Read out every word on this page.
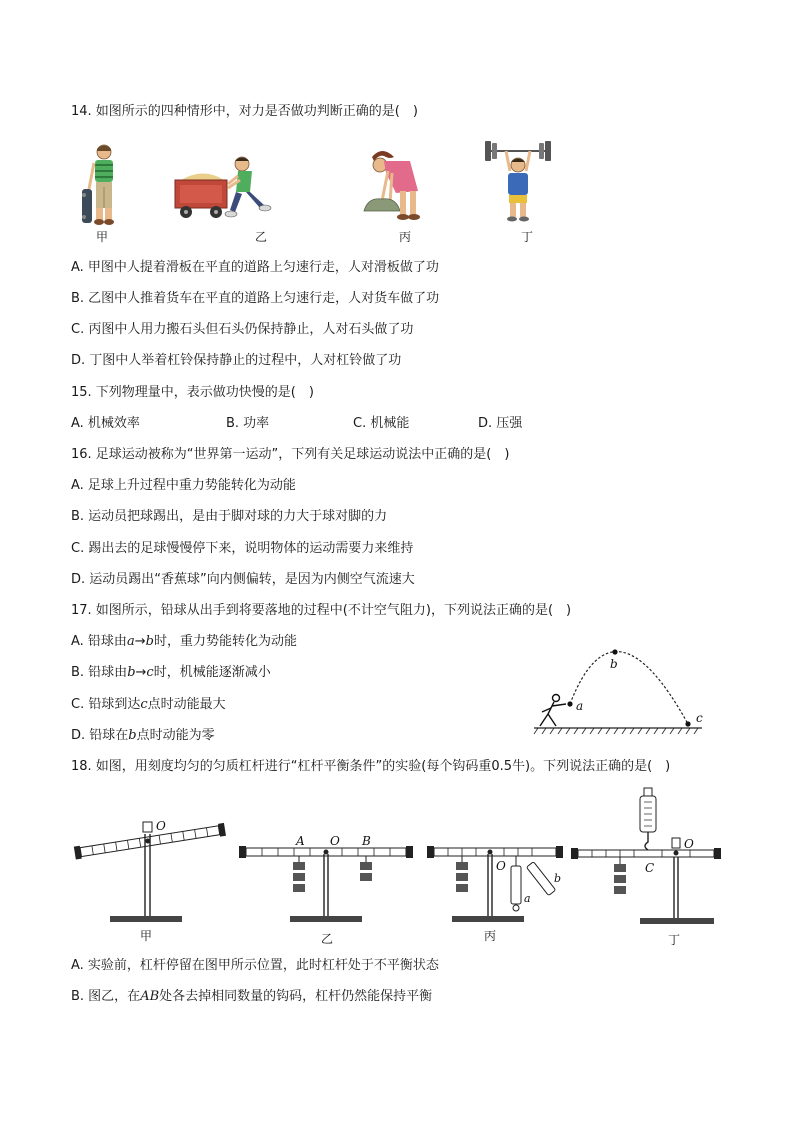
14. 如图所示的四种情形中，对力是否做功判断正确的是(　)
甲	乙	丙	丁
A. 甲图中人提着滑板在平直的道路上匀速行走，人对滑板做了功
B. 乙图中人推着货车在平直的道路上匀速行走，人对货车做了功
C. 丙图中人用力搬石头但石头仍保持静止，人对石头做了功
D. 丁图中人举着杠铃保持静止的过程中，人对杠铃做了功
15. 下列物理量中，表示做功快慢的是(　)
A. 机械效率	B. 功率	C. 机械能	D. 压强
16. 足球运动被称为“世界第一运动”，下列有关足球运动说法中正确的是(　)
A. 足球上升过程中重力势能转化为动能
B. 运动员把球踢出，是由于脚对球的力大于球对脚的力
C. 踢出去的足球慢慢停下来，说明物体的运动需要力来维持
D. 运动员踢出“香蕉球”向内侧偏转，是因为内侧空气流速大
17. 如图所示，铅球从出手到将要落地的过程中(不计空气阻力)，下列说法正确的是(　)
A. 铅球由a→b时，重力势能转化为动能
B. 铅球由b→c时，机械能逐渐减小
C. 铅球到达c点时动能最大
D. 铅球在b点时动能为零
a
b
c
18. 如图，用刻度均匀的匀质杠杆进行“杠杆平衡条件”的实验(每个钩码重0.5牛)。下列说法正确的是(　)
O
甲
A O B
乙
O
a
b
丙
O
C
丁
A. 实验前，杠杆停留在图甲所示位置，此时杠杆处于不平衡状态
B. 图乙，在AB处各去掉相同数量的钩码，杠杆仍然能保持平衡
